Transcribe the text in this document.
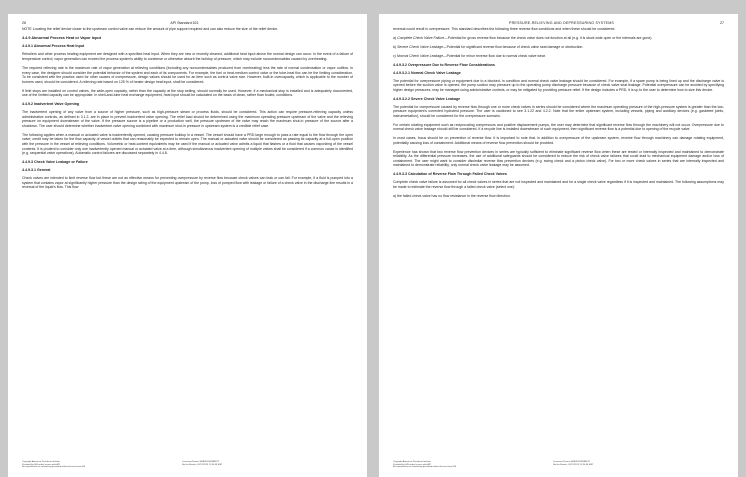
26	API Standard 521

NOTE Locating the relief device closer to the upstream control valve can reduce the amount of pipe support required and can also reduce the size of the relief device.

4.4.9 Abnormal Process Heat or Vapor Input
4.4.9.1 Abnormal Process Heat Input

Reboilers and other process heating equipment are designed with a specified heat input. When they are new or recently cleaned, additional heat input above the normal design can occur. In the event of a failure of temperature control, vapor generation can exceed the process system's ability to condense or otherwise absorb the buildup of pressure, which may include noncondensables caused by overheating.

The required relieving rate is the maximum rate of vapor generation at relieving conditions (including any noncondensables produced from overheating) less the rate of normal condensation or vapor outflow. In every case, the designer should consider the potential behavior of the system and each of its components. For example, the fuel or heat-medium control valve or the tube-heat flux can be the limiting consideration. To be consistent with the practice used for other causes of overpressure, design values should be used for an item such as control valve size. However, built-in overcapacity, which is applicable to the number of burners used, should be considered. A relieving rate based on 125 % of heater design heat input, shall be considered.

If limit stops are installed on control valves, the wide-open capacity, rather than the capacity at the stop setting, should normally be used. However, if a mechanical stop is installed and is adequately documented, use of the limited capacity can be appropriate. In shell-and-tube heat exchange equipment, heat input should be calculated on the basis of clean, rather than fouled, conditions.

4.4.9.2 Inadvertent Valve Opening

The inadvertent opening of any valve from a source of higher pressure, such as high-pressure steam or process fluids, should be considered. This action can require pressure-relieving capacity unless administrative controls, as defined in 3.1.2, are in place to prevent inadvertent valve opening. The relief load should be determined using the maximum operating pressure upstream of the valve and the relieving pressure on equipment downstream of the valve. If the pressure source is a pipeline or a production well, the pressure upstream of the valve may reach the maximum shut-in pressure of the source after a shutdown. The user should determine whether inadvertent valve opening combined with maximum shut-in pressure in upstream system is a credible relief case.

The following applies when a manual or actuated valve is inadvertently opened, causing pressure buildup in a vessel. The vessel should have a PRD large enough to pass a rate equal to the flow through the open valve; credit may be taken for the flow capacity of vessel outlets that can reasonably be expected to remain open. The manual or actuated valve should be considered as passing its capacity at a full-open position with the pressure in the vessel at relieving conditions. Volumetric or heat-content equivalents may be used if the manual or actuated valve admits a liquid that flashes or a fluid that causes vaporizing of the vessel contents. It is prudent to consider only one inadvertently opened manual or actuated valve at a time, although simultaneous inadvertent opening of multiple valves shall be considered if a common cause is identified (e.g. sequential valve operations). Automatic control failures are discussed separately in 4.4.8.

4.4.9.3 Check Valve Leakage or Failure
4.4.9.3.1 General

Check valves are intended to limit reverse flow but these are not an effective means for preventing overpressure by reverse flow because check valves can leak or can fail. For example, if a fluid is pumped into a system that contains vapor at significantly higher pressure than the design rating of the equipment upstream of the pump, loss of pumped flow with leakage or failure of a check valve in the discharge line results in a reversal of the liquid's flow. This flow

Copyright American Petroleum Institute
Provided by IHS under license with API
No reproduction or networking permitted without license from IHS
Licensee=Pemex-SMB/3024/08888TT
Not for Resale, 02/12/2015 12:34:58 MST
PRESSURE-RELIEVING AND DEPRESSURING SYSTEMS	27

reversal could result in overpressure. This standard describes the following three reverse flow conditions and when these should be considered.

a) Complete Check Valve Failure—Potential for gross reverse flow because the check valve does not function at all (e.g. it is stuck wide open or the internals are gone).
b) Severe Check Valve Leakage—Potential for significant reverse flow because of check valve seat damage or obstruction.
c) Normal Check Valve Leakage—Potential for minor reverse flow due to normal check valve wear.
4.4.9.3.2 Overpressure Due to Reverse Flow Considerations
4.4.9.3.2.1 Normal Check Valve Leakage

The potential for overpressure piping or equipment due to a blocked- in condition and normal check valve leakage should be considered. For example, if a spare pump is being lined up and the discharge valve is opened before the suction valve is opened, the pump suction may pressure up to the operating pump discharge pressure because of check valve seat leakage. Potential overpressure can be avoided by specifying higher design pressures, may be managed using administrative controls, or may be mitigated by providing pressure relief. If the design includes a PRD, it is up to the user to determine how to size this device.

4.4.9.3.2.2 Severe Check Valve Leakage

The potential for overpressure caused by reverse flow through one or more check valves in series should be considered where the maximum operating pressure of the high-pressure system is greater than the low-pressure equipment's corrected hydrotest pressure. The user is cautioned to see 3.1.22 and 4.2.2. Note that the entire upstream system, including vessels, piping and auxiliary devices (e.g. gasketed joints, instrumentation), should be considered for the overpressure scenario.

For certain rotating equipment such as reciprocating compressors and positive displacement pumps, the user may determine that significant reverse flow through the machinery will not occur. Overpressure due to normal check valve leakage should still be considered. If a recycle line is installed downstream of such equipment, then significant reverse flow is a potential due to opening of the recycle valve.

In most cases, focus should be on prevention of reverse flow. It is important to note that, in addition to overpressure of the upstream system, reverse flow through machinery can damage rotating equipment, potentially causing loss of containment. Additional means of reverse flow prevention should be provided.

Experience has shown that two reverse flow prevention devices in series are typically sufficient to eliminate significant reverse flow when these are tested or internally inspected and maintained to demonstrate reliability. As the differential pressure increases, the use of additional safeguards should be considered to reduce the risk of check valve failures that could lead to mechanical equipment damage and/or loss of containment. The user might want to consider dissimilar reverse flow prevention devices (e.g. swing check and a piston check valve). For two or more check valves in series that are internally inspected and maintained to demonstrate reliability, only normal check valve leakage may be assumed.

4.4.9.3.3 Calculation of Reverse Flow Through Failed Check Valves

Complete check valve failure is assumed for all check valves in series that are not inspected and maintained and for a single check valve regardless if it is inspected and maintained. The following assumptions may be made to estimate the reverse flow through a failed check valve (select one):

a) the failed check valve has no flow resistance in the reverse flow direction.

Copyright American Petroleum Institute
Provided by IHS under license with API
No reproduction or networking permitted without license from IHS
Licensee=Pemex-SMB/3024/08888TT
Not for Resale, 02/12/2015 12:34:58 MST
